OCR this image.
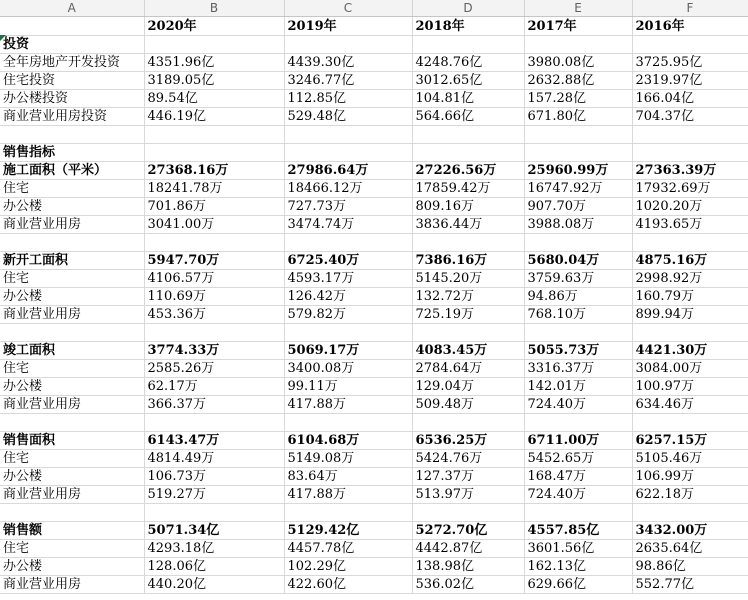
A	B	C	D	E	F
	2020年	2019年	2018年	2017年	2016年
投资					
全年房地产开发投资	4351.96亿	4439.30亿	4248.76亿	3980.08亿	3725.95亿
住宅投资	3189.05亿	3246.77亿	3012.65亿	2632.88亿	2319.97亿
办公楼投资	89.54亿	112.85亿	104.81亿	157.28亿	166.04亿
商业营业用房投资	446.19亿	529.48亿	564.66亿	671.80亿	704.37亿

销售指标					
施工面积（平米）	27368.16万	27986.64万	27226.56万	25960.99万	27363.39万
住宅	18241.78万	18466.12万	17859.42万	16747.92万	17932.69万
办公楼	701.86万	727.73万	809.16万	907.70万	1020.20万
商业营业用房	3041.00万	3474.74万	3836.44万	3988.08万	4193.65万

新开工面积	5947.70万	6725.40万	7386.16万	5680.04万	4875.16万
住宅	4106.57万	4593.17万	5145.20万	3759.63万	2998.92万
办公楼	110.69万	126.42万	132.72万	94.86万	160.79万
商业营业用房	453.36万	579.82万	725.19万	768.10万	899.94万

竣工面积	3774.33万	5069.17万	4083.45万	5055.73万	4421.30万
住宅	2585.26万	3400.08万	2784.64万	3316.37万	3084.00万
办公楼	62.17万	99.11万	129.04万	142.01万	100.97万
商业营业用房	366.37万	417.88万	509.48万	724.40万	634.46万

销售面积	6143.47万	6104.68万	6536.25万	6711.00万	6257.15万
住宅	4814.49万	5149.08万	5424.76万	5452.65万	5105.46万
办公楼	106.73万	83.64万	127.37万	168.47万	106.99万
商业营业用房	519.27万	417.88万	513.97万	724.40万	622.18万

销售额	5071.34亿	5129.42亿	5272.70亿	4557.85亿	3432.00万
住宅	4293.18亿	4457.78亿	4442.87亿	3601.56亿	2635.64亿
办公楼	128.06亿	102.29亿	138.98亿	162.13亿	98.86亿
商业营业用房	440.20亿	422.60亿	536.02亿	629.66亿	552.77亿
